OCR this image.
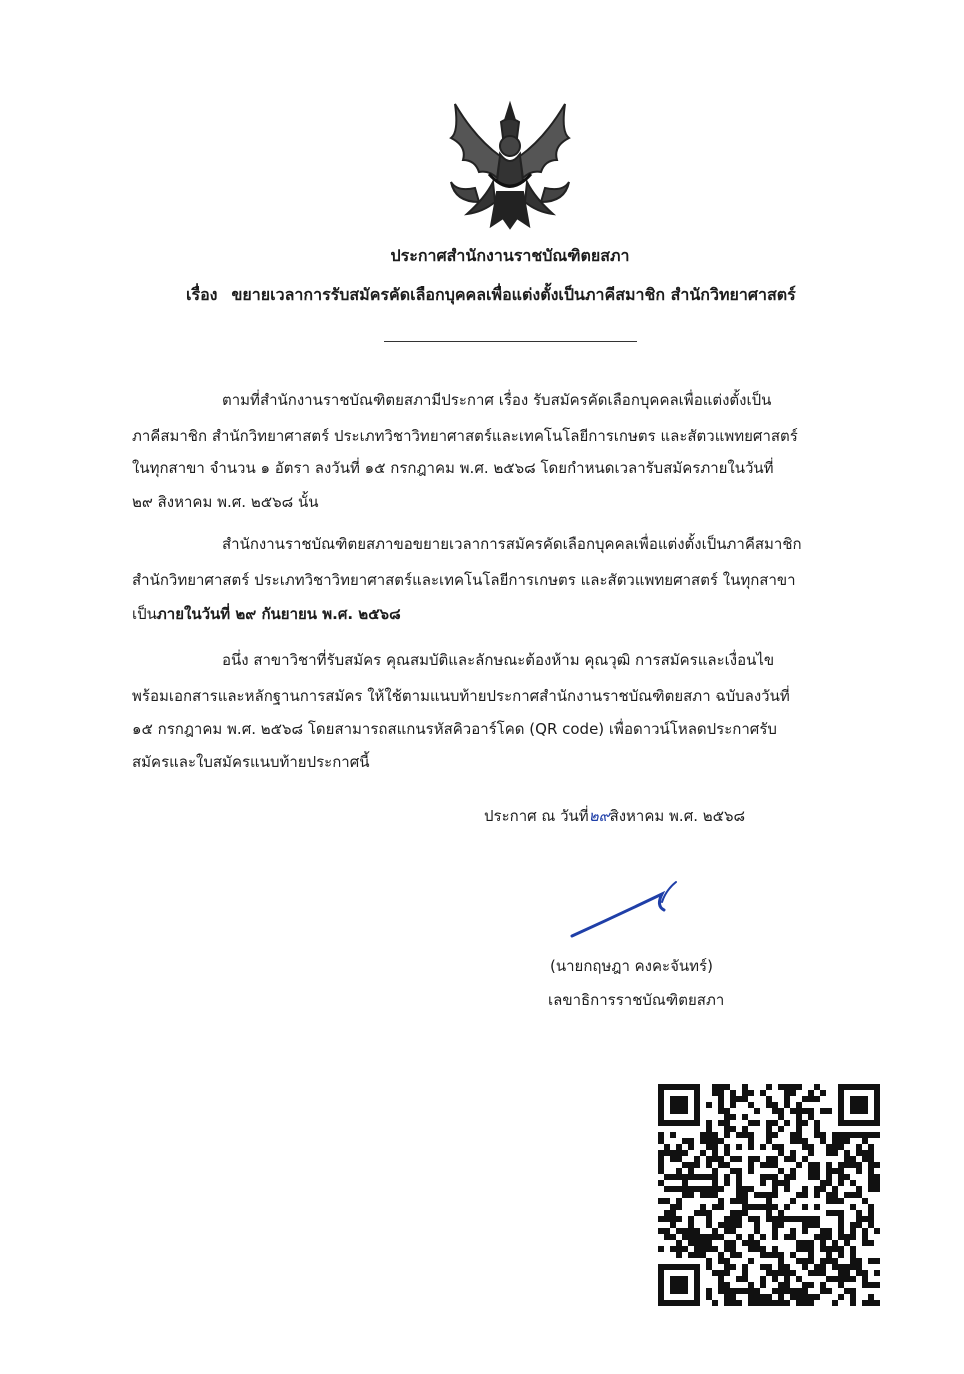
ประกาศสำนักงานราชบัณฑิตยสภา
เรื่อง ขยายเวลาการรับสมัครคัดเลือกบุคคลเพื่อแต่งตั้งเป็นภาคีสมาชิก สำนักวิทยาศาสตร์
ตามที่สำนักงานราชบัณฑิตยสภามีประกาศ เรื่อง รับสมัครคัดเลือกบุคคลเพื่อแต่งตั้งเป็น
ภาคีสมาชิก สำนักวิทยาศาสตร์ ประเภทวิชาวิทยาศาสตร์และเทคโนโลยีการเกษตร และสัตวแพทยศาสตร์
ในทุกสาขา จำนวน ๑ อัตรา ลงวันที่ ๑๕ กรกฎาคม พ.ศ. ๒๕๖๘ โดยกำหนดเวลารับสมัครภายในวันที่
๒๙ สิงหาคม พ.ศ. ๒๕๖๘ นั้น
สำนักงานราชบัณฑิตยสภาขอขยายเวลาการสมัครคัดเลือกบุคคลเพื่อแต่งตั้งเป็นภาคีสมาชิก
สำนักวิทยาศาสตร์ ประเภทวิชาวิทยาศาสตร์และเทคโนโลยีการเกษตร และสัตวแพทยศาสตร์ ในทุกสาขา
เป็นภายในวันที่ ๒๙ กันยายน พ.ศ. ๒๕๖๘
อนึ่ง สาขาวิชาที่รับสมัคร คุณสมบัติและลักษณะต้องห้าม คุณวุฒิ การสมัครและเงื่อนไข
พร้อมเอกสารและหลักฐานการสมัคร ให้ใช้ตามแนบท้ายประกาศสำนักงานราชบัณฑิตยสภา ฉบับลงวันที่
๑๕ กรกฎาคม พ.ศ. ๒๕๖๘ โดยสามารถสแกนรหัสคิวอาร์โคด (QR code) เพื่อดาวน์โหลดประกาศรับ
สมัครและใบสมัครแนบท้ายประกาศนี้
ประกาศ ณ วันที่๒๙สิงหาคม พ.ศ. ๒๕๖๘
(นายกฤษฎา คงคะจันทร์)
เลขาธิการราชบัณฑิตยสภา
